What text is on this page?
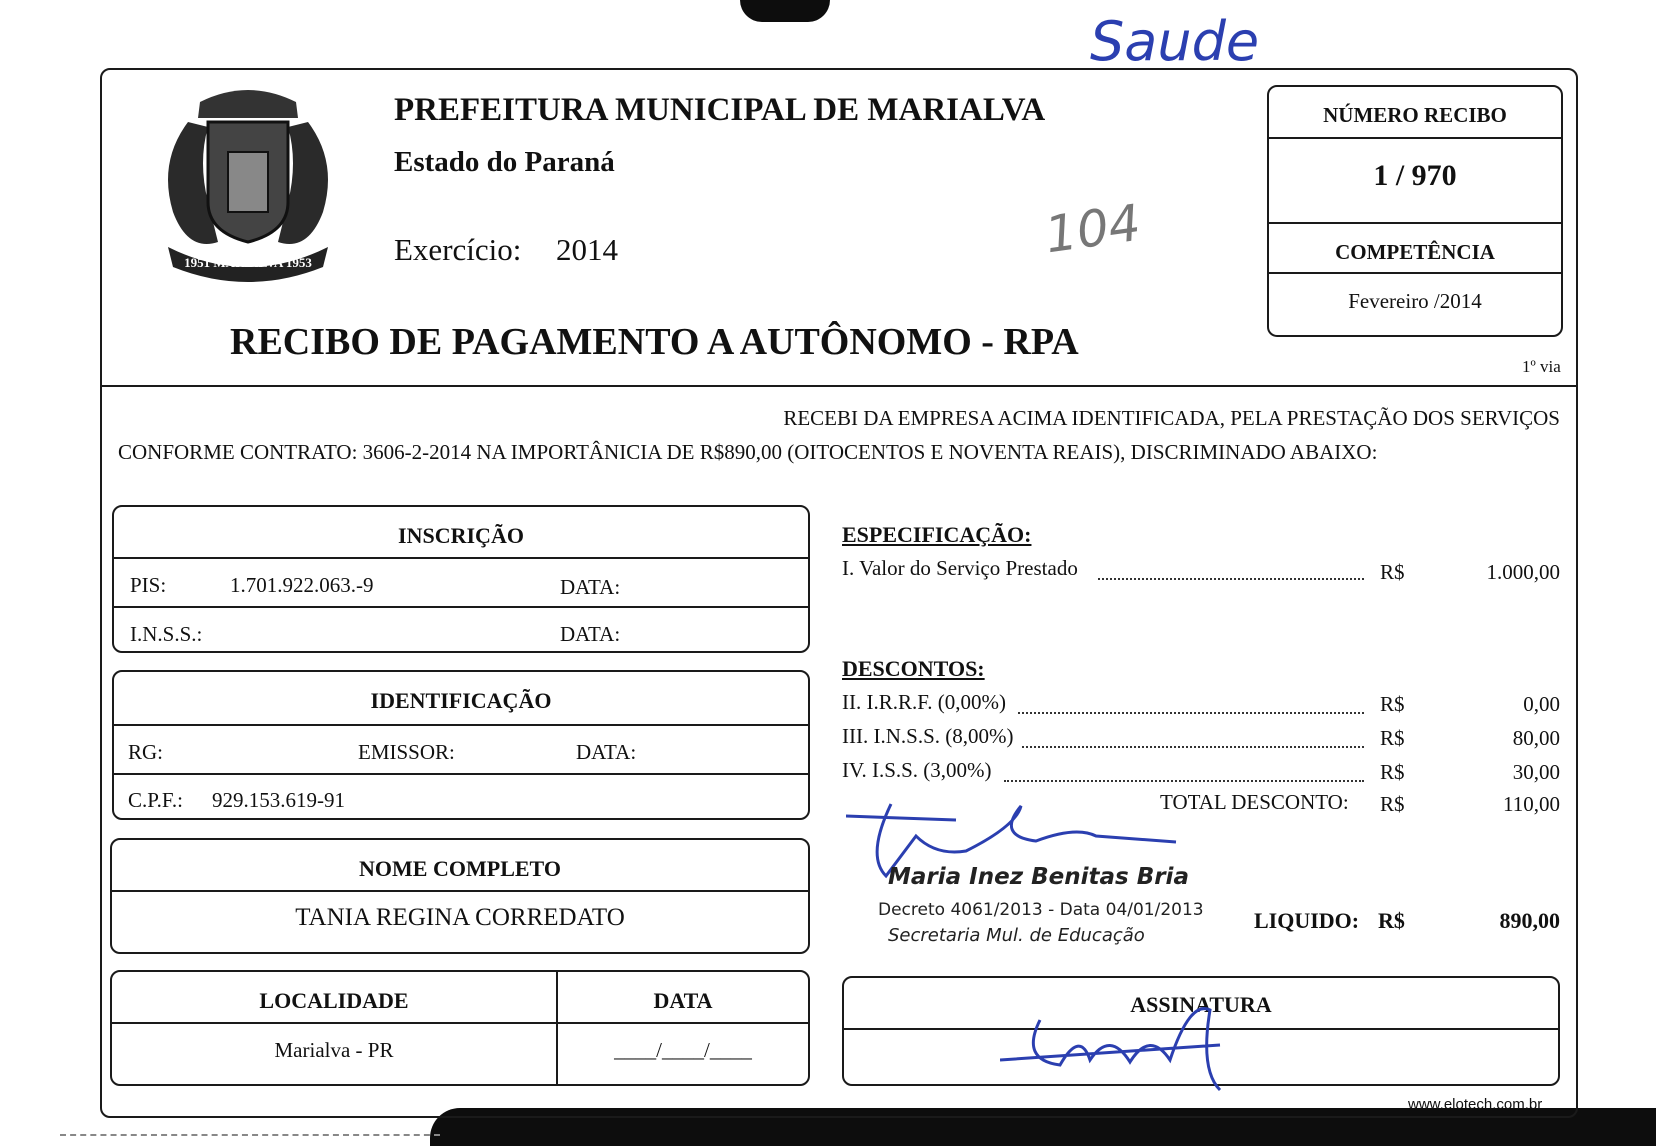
Saude
104
1951 MARIALVA 1953
PREFEITURA MUNICIPAL DE MARIALVA
Estado do Paraná
Exercício: 2014
RECIBO DE PAGAMENTO A AUTÔNOMO - RPA
1º via
NÚMERO RECIBO
1 / 970
COMPETÊNCIA
Fevereiro /2014
RECEBI DA EMPRESA ACIMA IDENTIFICADA, PELA PRESTAÇÃO DOS SERVIÇOS
CONFORME CONTRATO: 3606-2-2014 NA IMPORTÂNICIA DE R$890,00 (OITOCENTOS E NOVENTA REAIS), DISCRIMINADO ABAIXO:
INSCRIÇÃO
PIS:	1.701.922.063.-9	DATA:
I.N.S.S.:	DATA:
IDENTIFICAÇÃO
RG:	EMISSOR:	DATA:
C.P.F.: 929.153.619-91
NOME COMPLETO
TANIA REGINA CORREDATO
LOCALIDADE	DATA
Marialva - PR	____/____/____
ESPECIFICAÇÃO:
I. Valor do Serviço Prestado	R$	1.000,00
DESCONTOS:
II. I.R.R.F. (0,00%)	R$	0,00
III. I.N.S.S. (8,00%)	R$	80,00
IV. I.S.S. (3,00%)	R$	30,00
TOTAL DESCONTO: R$	110,00
Maria Inez Benitas Bria
Decreto 4061/2013 - Data 04/01/2013
Secretaria Mul. de Educação
LIQUIDO: R$	890,00
ASSINATURA
www.elotech.com.br
